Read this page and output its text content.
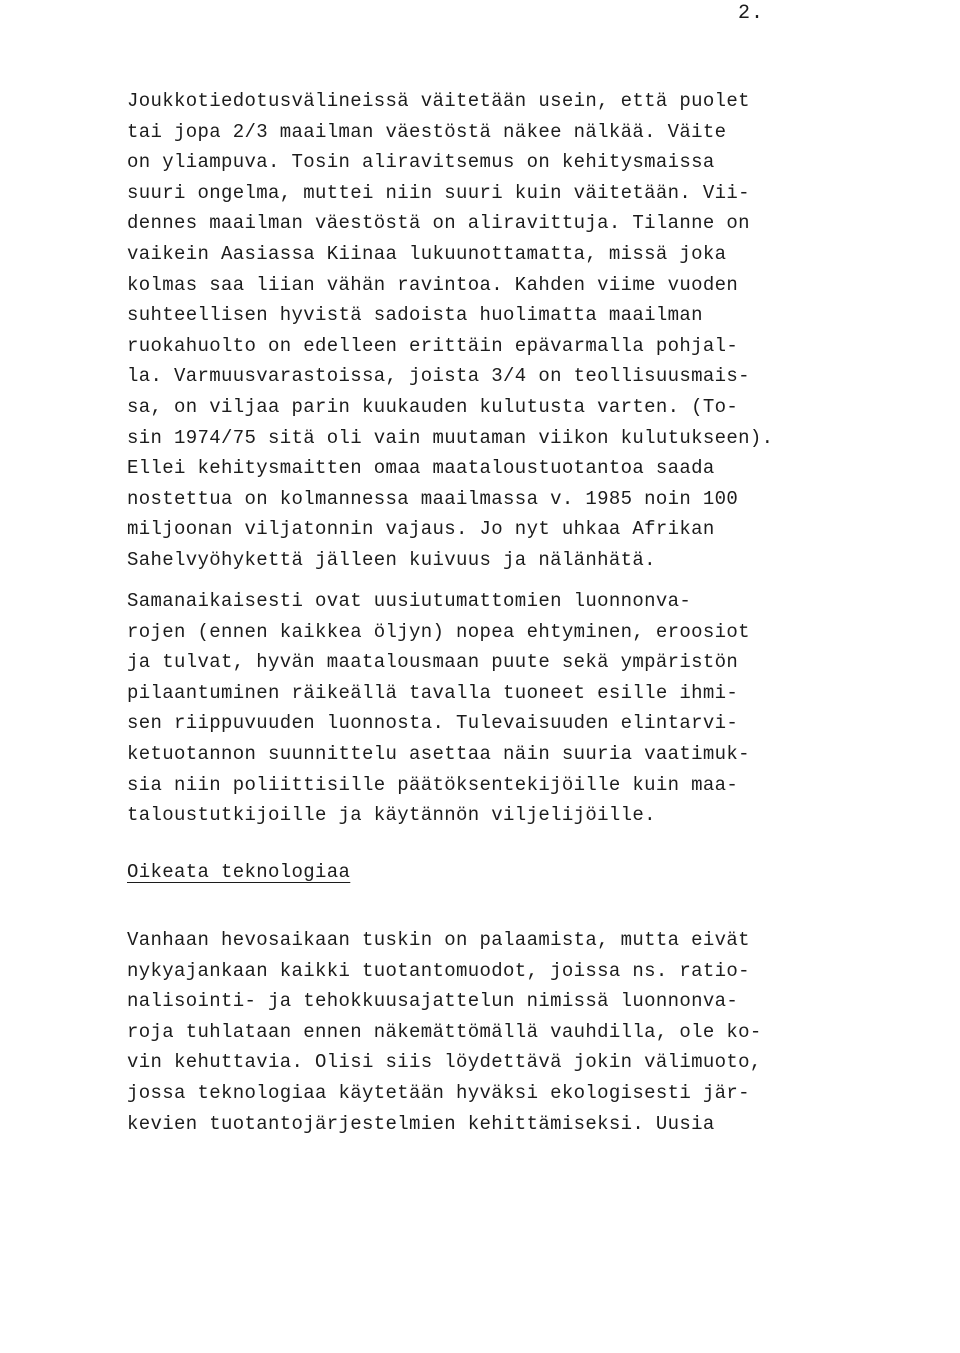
2.
Joukkotiedotusvälineissä väitetään usein, että puolet
tai jopa 2/3 maailman väestöstä näkee nälkää. Väite
on yliampuva. Tosin aliravitsemus on kehitysmaissa
suuri ongelma, muttei niin suuri kuin väitetään. Vii-
dennes maailman väestöstä on aliravittuja. Tilanne on
vaikein Aasiassa Kiinaa lukuunottamatta, missä joka
kolmas saa liian vähän ravintoa. Kahden viime vuoden
suhteellisen hyvistä sadoista huolimatta maailman
ruokahuolto on edelleen erittäin epävarmalla pohjal-
la. Varmuusvarastoissa, joista 3/4 on teollisuusmais-
sa, on viljaa parin kuukauden kulutusta varten. (To-
sin 1974/75 sitä oli vain muutaman viikon kulutukseen).
Ellei kehitysmaitten omaa maataloustuotantoa saada
nostettua on kolmannessa maailmassa v. 1985 noin 100
miljoonan viljatonnin vajaus. Jo nyt uhkaa Afrikan
Sahelvyöhykettä jälleen kuivuus ja nälänhätä.
Samanaikaisesti ovat uusiutumattomien luonnonva-
rojen (ennen kaikkea öljyn) nopea ehtyminen, eroosiot
ja tulvat, hyvän maatalousmaan puute sekä ympäristön
pilaantuminen räikeällä tavalla tuoneet esille ihmi-
sen riippuvuuden luonnosta. Tulevaisuuden elintarvi-
ketuotannon suunnittelu asettaa näin suuria vaatimuk-
sia niin poliittisille päätöksentekijöille kuin maa-
taloustutkijoille ja käytännön viljelijöille.
Oikeata teknologiaa
Vanhaan hevosaikaan tuskin on palaamista, mutta eivät
nykyajankaan kaikki tuotantomuodot, joissa ns. ratio-
nalisointi- ja tehokkuusajattelun nimissä luonnonva-
roja tuhlataan ennen näkemättömällä vauhdilla, ole ko-
vin kehuttavia. Olisi siis löydettävä jokin välimuoto,
jossa teknologiaa käytetään hyväksi ekologisesti jär-
kevien tuotantojärjestelmien kehittämiseksi. Uusia
